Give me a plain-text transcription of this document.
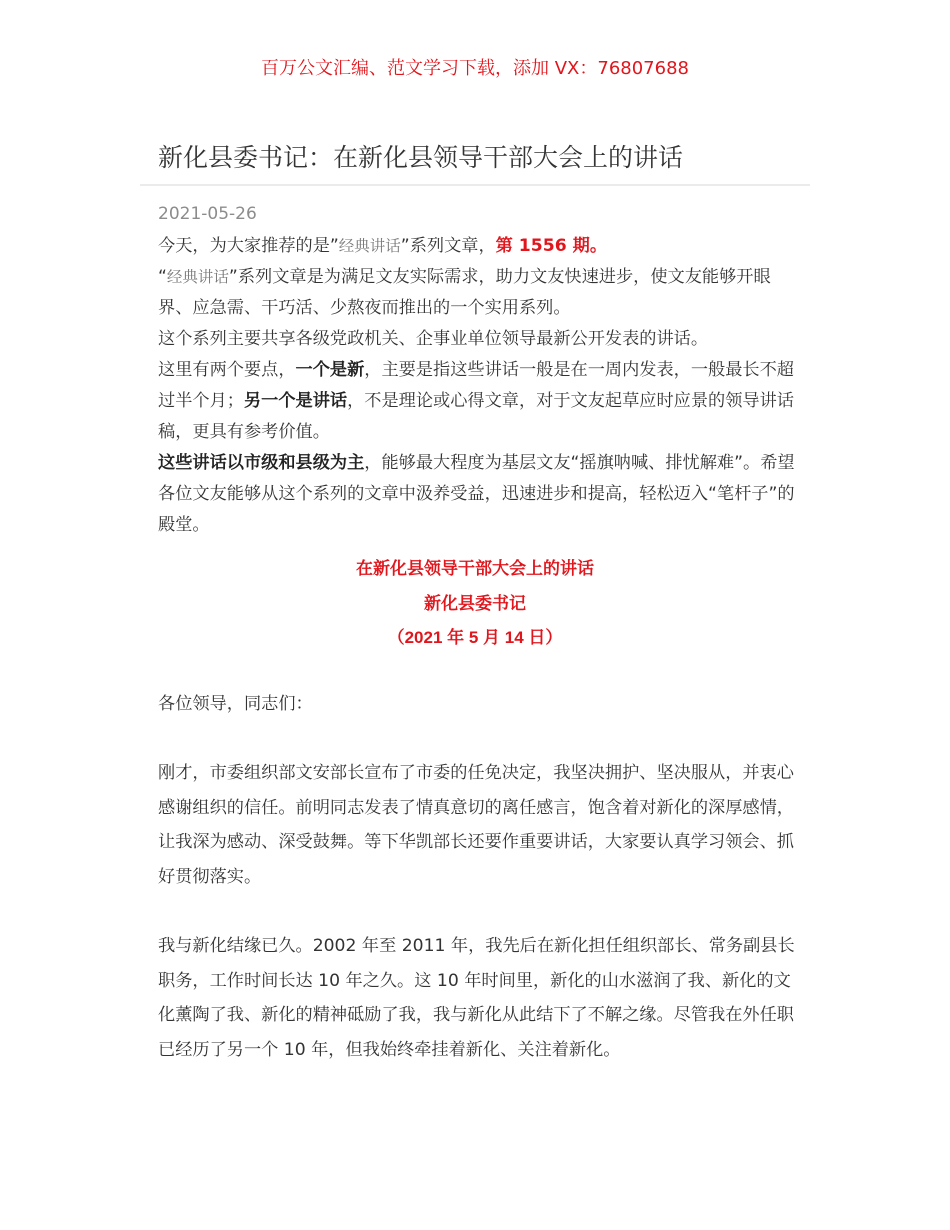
百万公文汇编、范文学习下载，添加 VX：76807688
新化县委书记：在新化县领导干部大会上的讲话
2021-05-26

今天，为大家推荐的是”经典讲话”系列文章，第 1556 期。

“经典讲话”系列文章是为满足文友实际需求，助力文友快速进步，使文友能够开眼界、应急需、干巧活、少熬夜而推出的一个实用系列。

这个系列主要共享各级党政机关、企事业单位领导最新公开发表的讲话。

这里有两个要点，一个是新，主要是指这些讲话一般是在一周内发表，一般最长不超过半个月；另一个是讲话，不是理论或心得文章，对于文友起草应时应景的领导讲话稿，更具有参考价值。

这些讲话以市级和县级为主，能够最大程度为基层文友“摇旗呐喊、排忧解难”。希望各位文友能够从这个系列的文章中汲养受益，迅速进步和提高，轻松迈入“笔杆子”的殿堂。

在新化县领导干部大会上的讲话
新化县委书记
（2021 年 5 月 14 日）
各位领导，同志们：

刚才，市委组织部文安部长宣布了市委的任免决定，我坚决拥护、坚决服从，并衷心感谢组织的信任。前明同志发表了情真意切的离任感言，饱含着对新化的深厚感情，让我深为感动、深受鼓舞。等下华凯部长还要作重要讲话，大家要认真学习领会、抓好贯彻落实。

我与新化结缘已久。2002 年至 2011 年，我先后在新化担任组织部长、常务副县长职务，工作时间长达 10 年之久。这 10 年时间里，新化的山水滋润了我、新化的文化薰陶了我、新化的精神砥励了我，我与新化从此结下了不解之缘。尽管我在外任职已经历了另一个 10 年，但我始终牵挂着新化、关注着新化。
